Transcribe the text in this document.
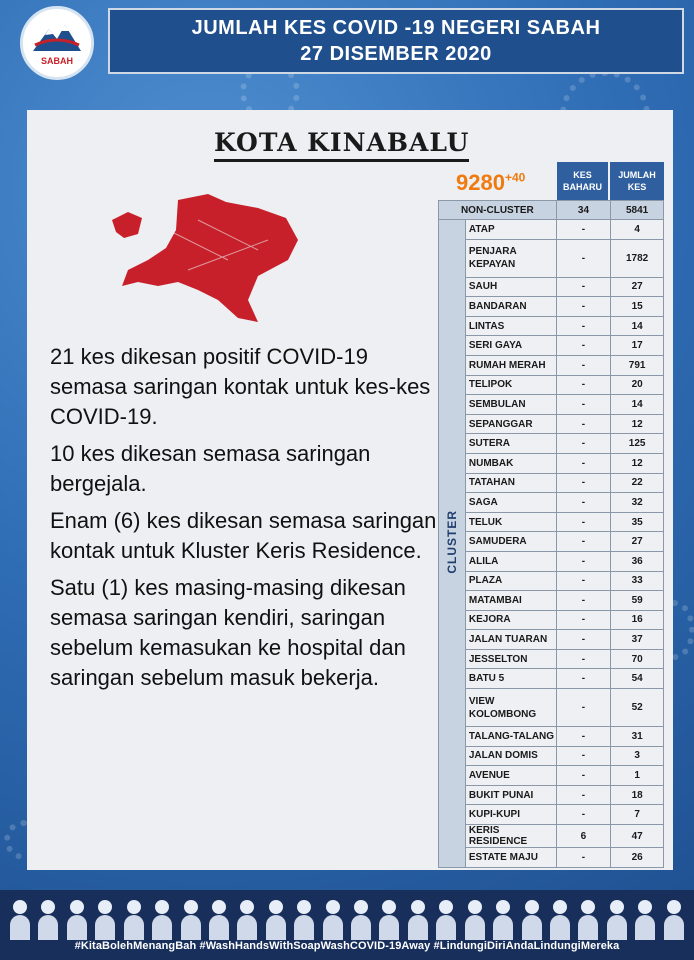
SABAH
JUMLAH KES COVID -19 NEGERI SABAH
27 DISEMBER 2020
KOTA KINABALU

21 kes dikesan positif COVID-19 semasa saringan kontak untuk kes-kes COVID-19.

10 kes dikesan semasa saringan bergejala.

Enam (6) kes dikesan semasa saringan kontak untuk Kluster Keris Residence.

Satu (1) kes masing-masing dikesan semasa saringan kendiri, saringan sebelum kemasukan ke hospital dan saringan sebelum masuk bekerja.

$9280^{+40}$	KES BAHARU
JUMLAH KES
NON-CLUSTER		34	5841
CLUSTER	ATAP	-	4
	PENJARA KEPAYAN	-	1782
	SAUH	-	27
	BANDARAN	-	15
	LINTAS	-	14
	SERI GAYA	-	17
	RUMAH MERAH	-	791
	TELIPOK	-	20
	SEMBULAN	-	14
	SEPANGGAR	-	12
	SUTERA	-	125
	NUMBAK	-	12
	TATAHAN	-	22
	SAGA	-	32
	TELUK	-	35
	SAMUDERA	-	27
	ALILA	-	36
	PLAZA	-	33
	MATAMBAI	-	59
	KEJORA	-	16
	JALAN TUARAN	-	37
	JESSELTON	-	70
	BATU 5	-	54
	VIEW KOLOMBONG	-	52
	TALANG-TALANG	-	31
	JALAN DOMIS	-	3
	AVENUE	-	1
	BUKIT PUNAI	-	18
	KUPI-KUPI	-	7
	KERIS RESIDENCE	6	47
	ESTATE MAJU	-	26
#KitaBolehMenangBah #WashHandsWithSoapWashCOVID-19Away #LindungiDiriAndaLindungiMereka
